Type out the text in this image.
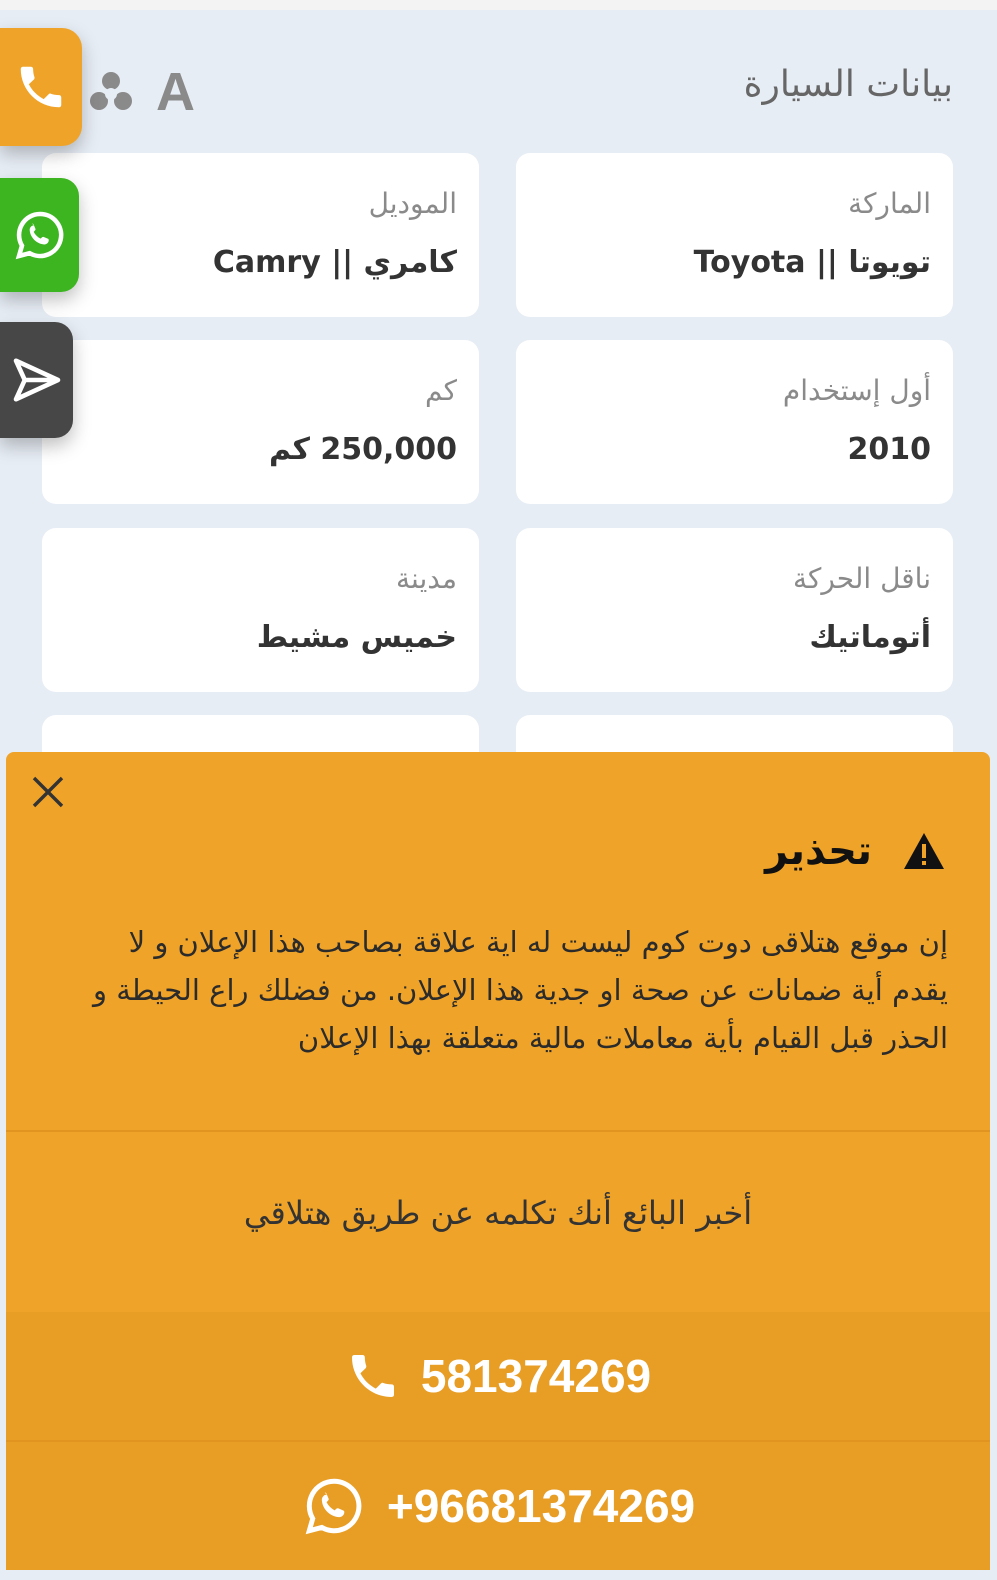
بيانات السيارة
A
الماركة
تويوتا || Toyota
الموديل
كامري || Camry
أول إستخدام
2010
كم
250,000 كم
ناقل الحركة
أتوماتيك
مدينة
خميس مشيط
تحذير
إن موقع هتلاقى دوت كوم ليست له اية علاقة بصاحب هذا الإعلان و لا يقدم أية ضمانات عن صحة او جدية هذا الإعلان. من فضلك راع الحيطة و الحذر قبل القيام بأية معاملات مالية متعلقة بهذا الإعلان
أخبر البائع أنك تكلمه عن طريق هتلاقي
581374269
+96681374269
